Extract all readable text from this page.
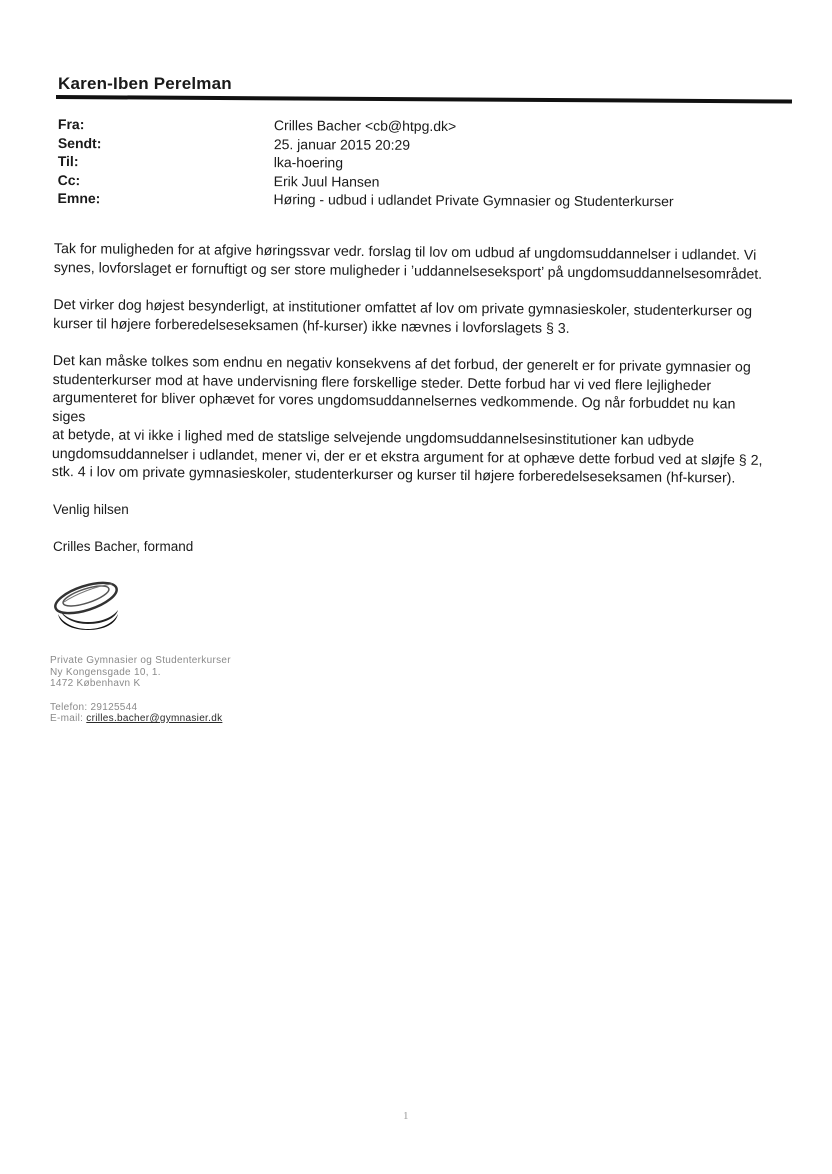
Karen-Iben Perelman
Fra:	Crilles Bacher <cb@htpg.dk>
Sendt:	25. januar 2015 20:29
Til:	lka-hoering
Cc:	Erik Juul Hansen
Emne:	Høring - udbud i udlandet Private Gymnasier og Studenterkurser

Tak for muligheden for at afgive høringssvar vedr. forslag til lov om udbud af ungdomsuddannelser i udlandet. Vi
synes, lovforslaget er fornuftigt og ser store muligheder i ’uddannelseseksport’ på ungdomsuddannelsesområdet.

Det virker dog højest besynderligt, at institutioner omfattet af lov om private gymnasieskoler, studenterkurser og
kurser til højere forberedelseseksamen (hf-kurser) ikke nævnes i lovforslagets § 3.

Det kan måske tolkes som endnu en negativ konsekvens af det forbud, der generelt er for private gymnasier og
studenterkurser mod at have undervisning flere forskellige steder. Dette forbud har vi ved flere lejligheder
argumenteret for bliver ophævet for vores ungdomsuddannelsernes vedkommende. Og når forbuddet nu kan siges
at betyde, at vi ikke i lighed med de statslige selvejende ungdomsuddannelsesinstitutioner kan udbyde
ungdomsuddannelser i udlandet, mener vi, der er et ekstra argument for at ophæve dette forbud ved at sløjfe § 2,
stk. 4 i lov om private gymnasieskoler, studenterkurser og kurser til højere forberedelseseksamen (hf-kurser).

Venlig hilsen
Crilles Bacher, formand
Private Gymnasier og Studenterkurser
Ny Kongensgade 10, 1.
1472 København K
Telefon: 29125544
E-mail: crilles.bacher@gymnasier.dk
1
